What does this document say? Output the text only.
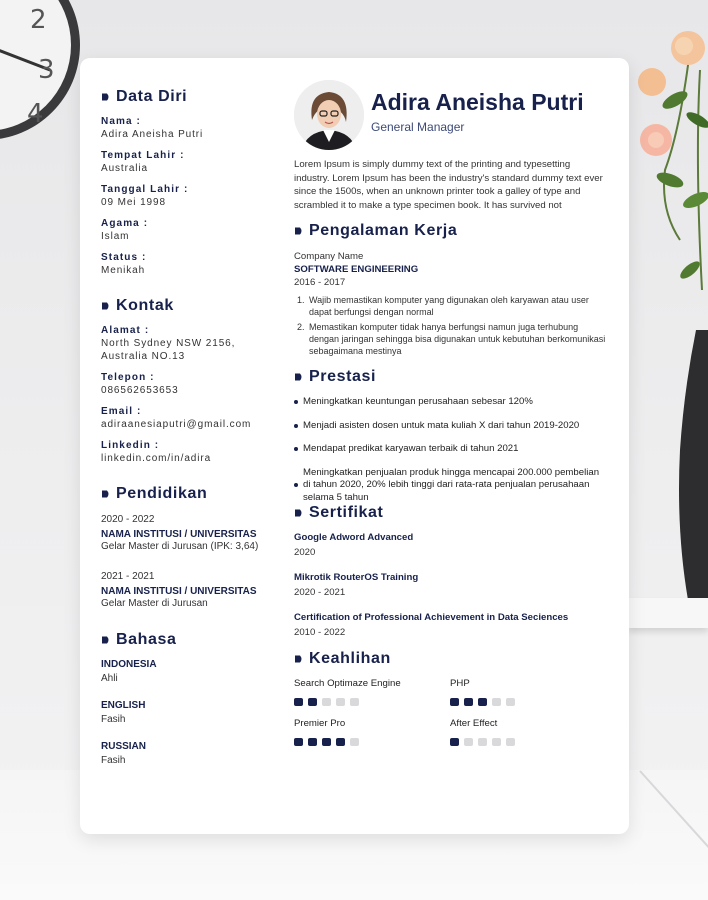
2
3
4
Data Diri
Nama :
Adira Aneisha Putri
Tempat Lahir :
Australia
Tanggal Lahir :
09 Mei 1998
Agama :
Islam
Status :
Menikah
Kontak
Alamat :
North Sydney NSW 2156, Australia NO.13
Telepon :
086562653653
Email :
adiraanesiaputri@gmail.com
Linkedin :
linkedin.com/in/adira
Pendidikan
2020 - 2022
NAMA INSTITUSI / UNIVERSITAS
Gelar Master di Jurusan (IPK: 3,64)
2021 - 2021
NAMA INSTITUSI / UNIVERSITAS
Gelar Master di Jurusan
Bahasa
INDONESIA
Ahli
ENGLISH
Fasih
RUSSIAN
Fasih
Adira Aneisha Putri
General Manager
Lorem Ipsum is simply dummy text of the printing and typesetting industry. Lorem Ipsum has been the industry's standard dummy text ever since the 1500s, when an unknown printer took a galley of type and scrambled it to make a type specimen book. It has survived not
Pengalaman Kerja
Company Name
SOFTWARE ENGINEERING
2016 - 2017
1. Wajib memastikan komputer yang digunakan oleh karyawan atau user dapat berfungsi dengan normal
2. Memastikan komputer tidak hanya berfungsi namun juga terhubung dengan jaringan sehingga bisa digunakan untuk kebutuhan berkomunikasi sebagaimana mestinya
Prestasi
Meningkatkan keuntungan perusahaan sebesar 120%
Menjadi asisten dosen untuk mata kuliah X dari tahun 2019-2020
Mendapat predikat karyawan terbaik di tahun 2021
Meningkatkan penjualan produk hingga mencapai 200.000 pembelian di tahun 2020, 20% lebih tinggi dari rata-rata penjualan perusahaan selama 5 tahun
Sertifikat
Google Adword Advanced
2020
Mikrotik RouterOS Training
2020 - 2021
Certification of Professional Achievement in Data Seciences
2010 - 2022
Keahlihan
Search Optimaze Engine	PHP
Premier Pro	After Effect
